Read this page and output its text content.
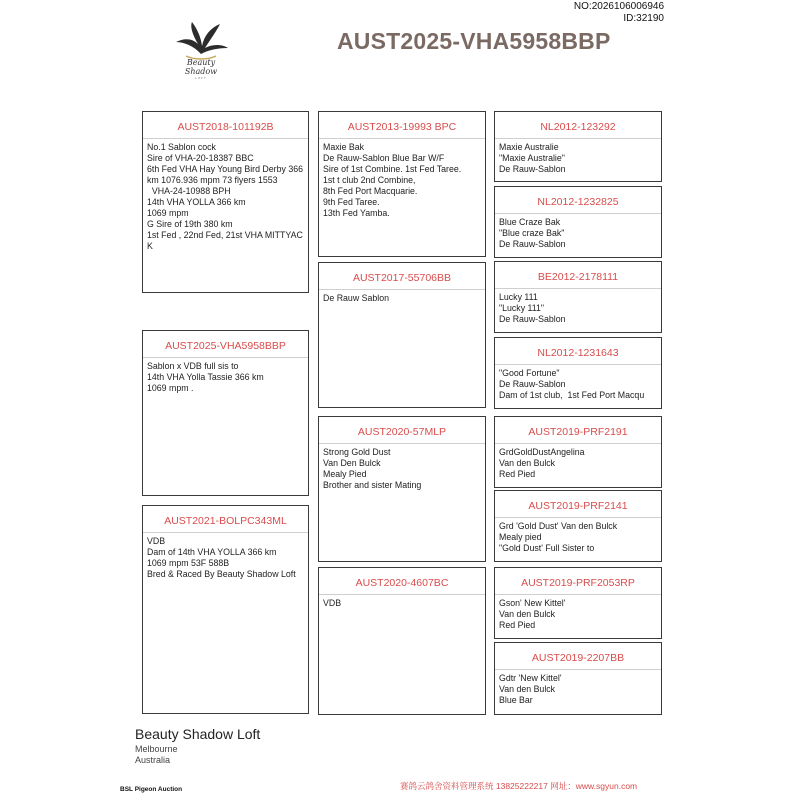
NO:2026106006946
ID:32190
Beauty Shadow
LOFT
AUST2025-VHA5958BBP
AUST2018-101192B
No.1 Sablon cock
Sire of VHA-20-18387 BBC
6th Fed VHA Hay Young Bird Derby 366 km 1076.936 mpm 73 flyers 1553
VHA-24-10988 BPH
14th VHA YOLLA 366 km
1069 mpm
G Sire of 19th 380 km
1st Fed , 22nd Fed, 21st VHA MITTYACK
AUST2025-VHA5958BBP
Sablon x VDB full sis to
14th VHA Yolla Tassie 366 km
1069 mpm .
AUST2021-BOLPC343ML
VDB
Dam of 14th VHA YOLLA 366 km
1069 mpm 53F 588B
Bred & Raced By Beauty Shadow Loft
AUST2013-19993 BPC
Maxie Bak
De Rauw-Sablon Blue Bar W/F
Sire of 1st Combine. 1st Fed Taree.
1st t club 2nd Combine,
8th Fed Port Macquarie.
9th Fed Taree.
13th Fed Yamba.
AUST2017-55706BB
De Rauw Sablon
AUST2020-57MLP
Strong Gold Dust
Van Den Bulck
Mealy Pied
Brother and sister Mating
AUST2020-4607BC
VDB
NL2012-123292
Maxie Australie
"Maxie Australie"
De Rauw-Sablon
NL2012-1232825
Blue Craze Bak
"Blue craze Bak"
De Rauw-Sablon
BE2012-2178111
Lucky 111
"Lucky 111"
De Rauw-Sablon
NL2012-1231643
"Good Fortune"
De Rauw-Sablon
Dam of 1st club,  1st Fed Port Macqu
AUST2019-PRF2191
GrdGoldDustAngelina
Van den Bulck
Red Pied
AUST2019-PRF2141
Grd 'Gold Dust' Van den Bulck
Mealy pied
"Gold Dust' Full Sister to
AUST2019-PRF2053RP
Gson' New Kittel'
Van den Bulck
Red Pied
AUST2019-2207BB
Gdtr 'New Kittel'
Van den Bulck
Blue Bar
Beauty Shadow Loft
Melbourne
Australia
赛鸽云鸽舍资料管理系统 13825222217 网址：www.sgyun.com
BSL Pigeon Auction
